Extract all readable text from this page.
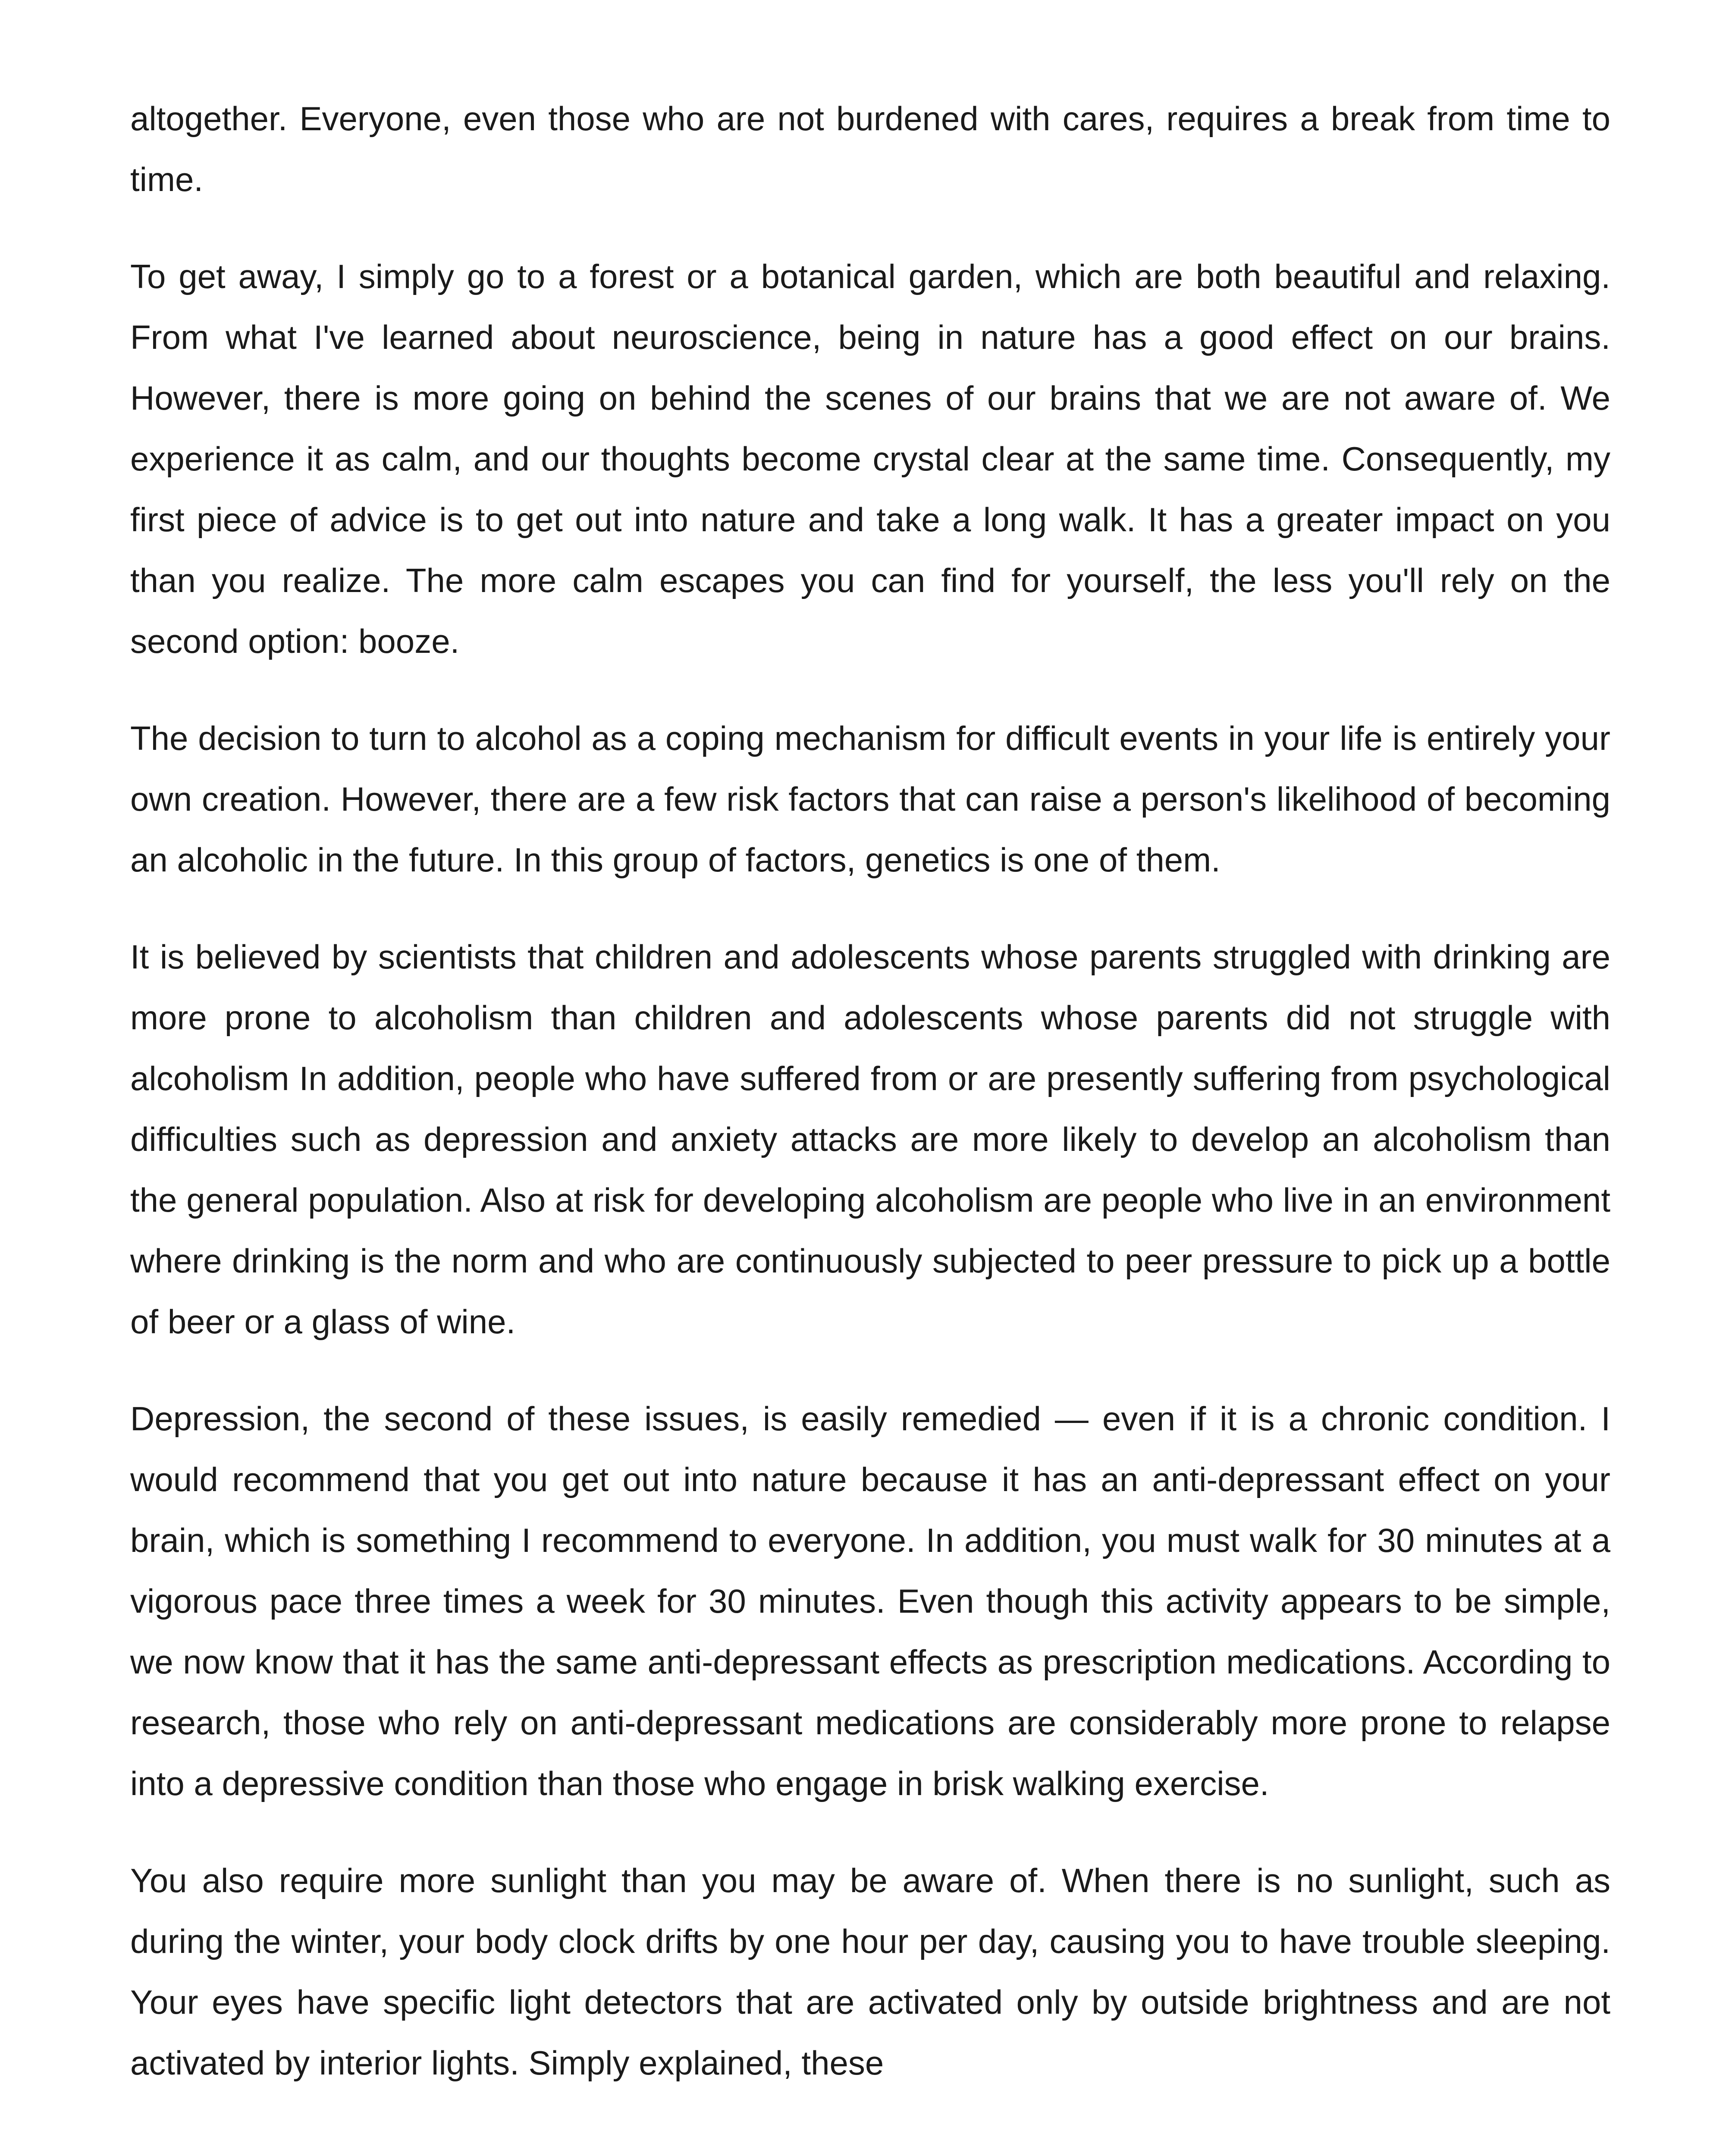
altogether. Everyone, even those who are not burdened with cares, requires a break from time to time.

To get away, I simply go to a forest or a botanical garden, which are both beautiful and relaxing. From what I've learned about neuroscience, being in nature has a good effect on our brains. However, there is more going on behind the scenes of our brains that we are not aware of. We experience it as calm, and our thoughts become crystal clear at the same time. Consequently, my first piece of advice is to get out into nature and take a long walk. It has a greater impact on you than you realize. The more calm escapes you can find for yourself, the less you'll rely on the second option: booze.

The decision to turn to alcohol as a coping mechanism for difficult events in your life is entirely your own creation. However, there are a few risk factors that can raise a person's likelihood of becoming an alcoholic in the future. In this group of factors, genetics is one of them.

It is believed by scientists that children and adolescents whose parents struggled with drinking are more prone to alcoholism than children and adolescents whose parents did not struggle with alcoholism In addition, people who have suffered from or are presently suffering from psychological difficulties such as depression and anxiety attacks are more likely to develop an alcoholism than the general population. Also at risk for developing alcoholism are people who live in an environment where drinking is the norm and who are continuously subjected to peer pressure to pick up a bottle of beer or a glass of wine.

Depression, the second of these issues, is easily remedied — even if it is a chronic condition. I would recommend that you get out into nature because it has an anti-depressant effect on your brain, which is something I recommend to everyone. In addition, you must walk for 30 minutes at a vigorous pace three times a week for 30 minutes. Even though this activity appears to be simple, we now know that it has the same anti-depressant effects as prescription medications. According to research, those who rely on anti-depressant medications are considerably more prone to relapse into a depressive condition than those who engage in brisk walking exercise.

You also require more sunlight than you may be aware of. When there is no sunlight, such as during the winter, your body clock drifts by one hour per day, causing you to have trouble sleeping. Your eyes have specific light detectors that are activated only by outside brightness and are not activated by interior lights. Simply explained, these
